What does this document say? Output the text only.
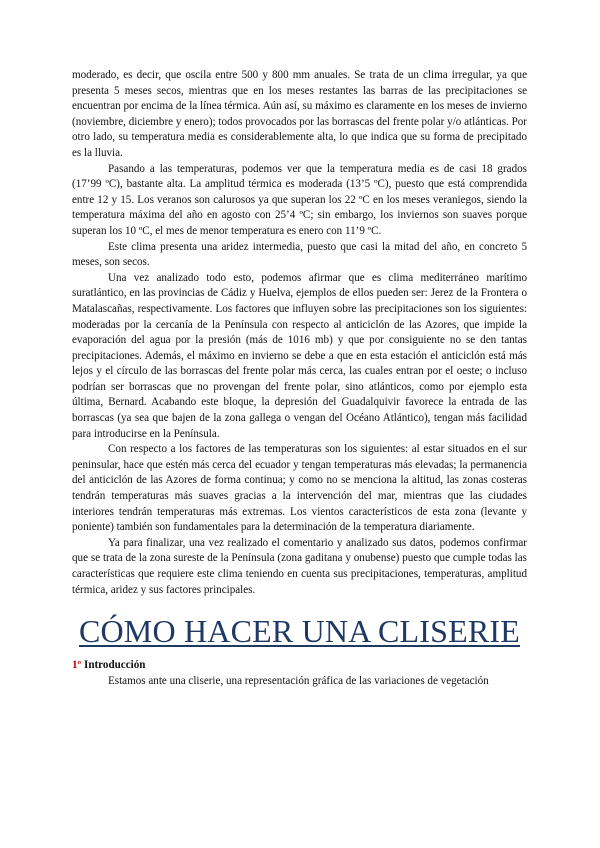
moderado, es decir, que oscila entre 500 y 800 mm anuales. Se trata de un clima irregular, ya que presenta 5 meses secos, mientras que en los meses restantes las barras de las precipitaciones se encuentran por encima de la línea térmica. Aún así, su máximo es claramente en los meses de invierno (noviembre, diciembre y enero); todos provocados por las borrascas del frente polar y/o atlánticas. Por otro lado, su temperatura media es considerablemente alta, lo que indica que su forma de precipitado es la lluvia.

Pasando a las temperaturas, podemos ver que la temperatura media es de casi 18 grados (17’99 ºC), bastante alta. La amplitud térmica es moderada (13’5 ºC), puesto que está comprendida entre 12 y 15. Los veranos son calurosos ya que superan los 22 ºC en los meses veraniegos, siendo la temperatura máxima del año en agosto con 25’4 ºC; sin embargo, los inviernos son suaves porque superan los 10 ºC, el mes de menor temperatura es enero con 11’9 ºC.

Este clima presenta una aridez intermedia, puesto que casi la mitad del año, en concreto 5 meses, son secos.

Una vez analizado todo esto, podemos afirmar que es clima mediterráneo marítimo suratlántico, en las provincias de Cádiz y Huelva, ejemplos de ellos pueden ser: Jerez de la Frontera o Matalascañas, respectivamente. Los factores que influyen sobre las precipitaciones son los siguientes: moderadas por la cercanía de la Península con respecto al anticiclón de las Azores, que impide la evaporación del agua por la presión (más de 1016 mb) y que por consiguiente no se den tantas precipitaciones. Además, el máximo en invierno se debe a que en esta estación el anticiclón está más lejos y el círculo de las borrascas del frente polar más cerca, las cuales entran por el oeste; o incluso podrían ser borrascas que no provengan del frente polar, sino atlánticos, como por ejemplo esta última, Bernard. Acabando este bloque, la depresión del Guadalquivir favorece la entrada de las borrascas (ya sea que bajen de la zona gallega o vengan del Océano Atlántico), tengan más facilidad para introducirse en la Península.

Con respecto a los factores de las temperaturas son los siguientes: al estar situados en el sur peninsular, hace que estén más cerca del ecuador y tengan temperaturas más elevadas; la permanencia del anticiclón de las Azores de forma continua; y como no se menciona la altitud, las zonas costeras tendrán temperaturas más suaves gracias a la intervención del mar, mientras que las ciudades interiores tendrán temperaturas más extremas. Los vientos característicos de esta zona (levante y poniente) también son fundamentales para la determinación de la temperatura diariamente.

Ya para finalizar, una vez realizado el comentario y analizado sus datos, podemos confirmar que se trata de la zona sureste de la Península (zona gaditana y onubense) puesto que cumple todas las características que requiere este clima teniendo en cuenta sus precipitaciones, temperaturas, amplitud térmica, aridez y sus factores principales.

CÓMO HACER UNA CLISERIE
1º Introducción

Estamos ante una cliserie, una representación gráfica de las variaciones de vegetación
